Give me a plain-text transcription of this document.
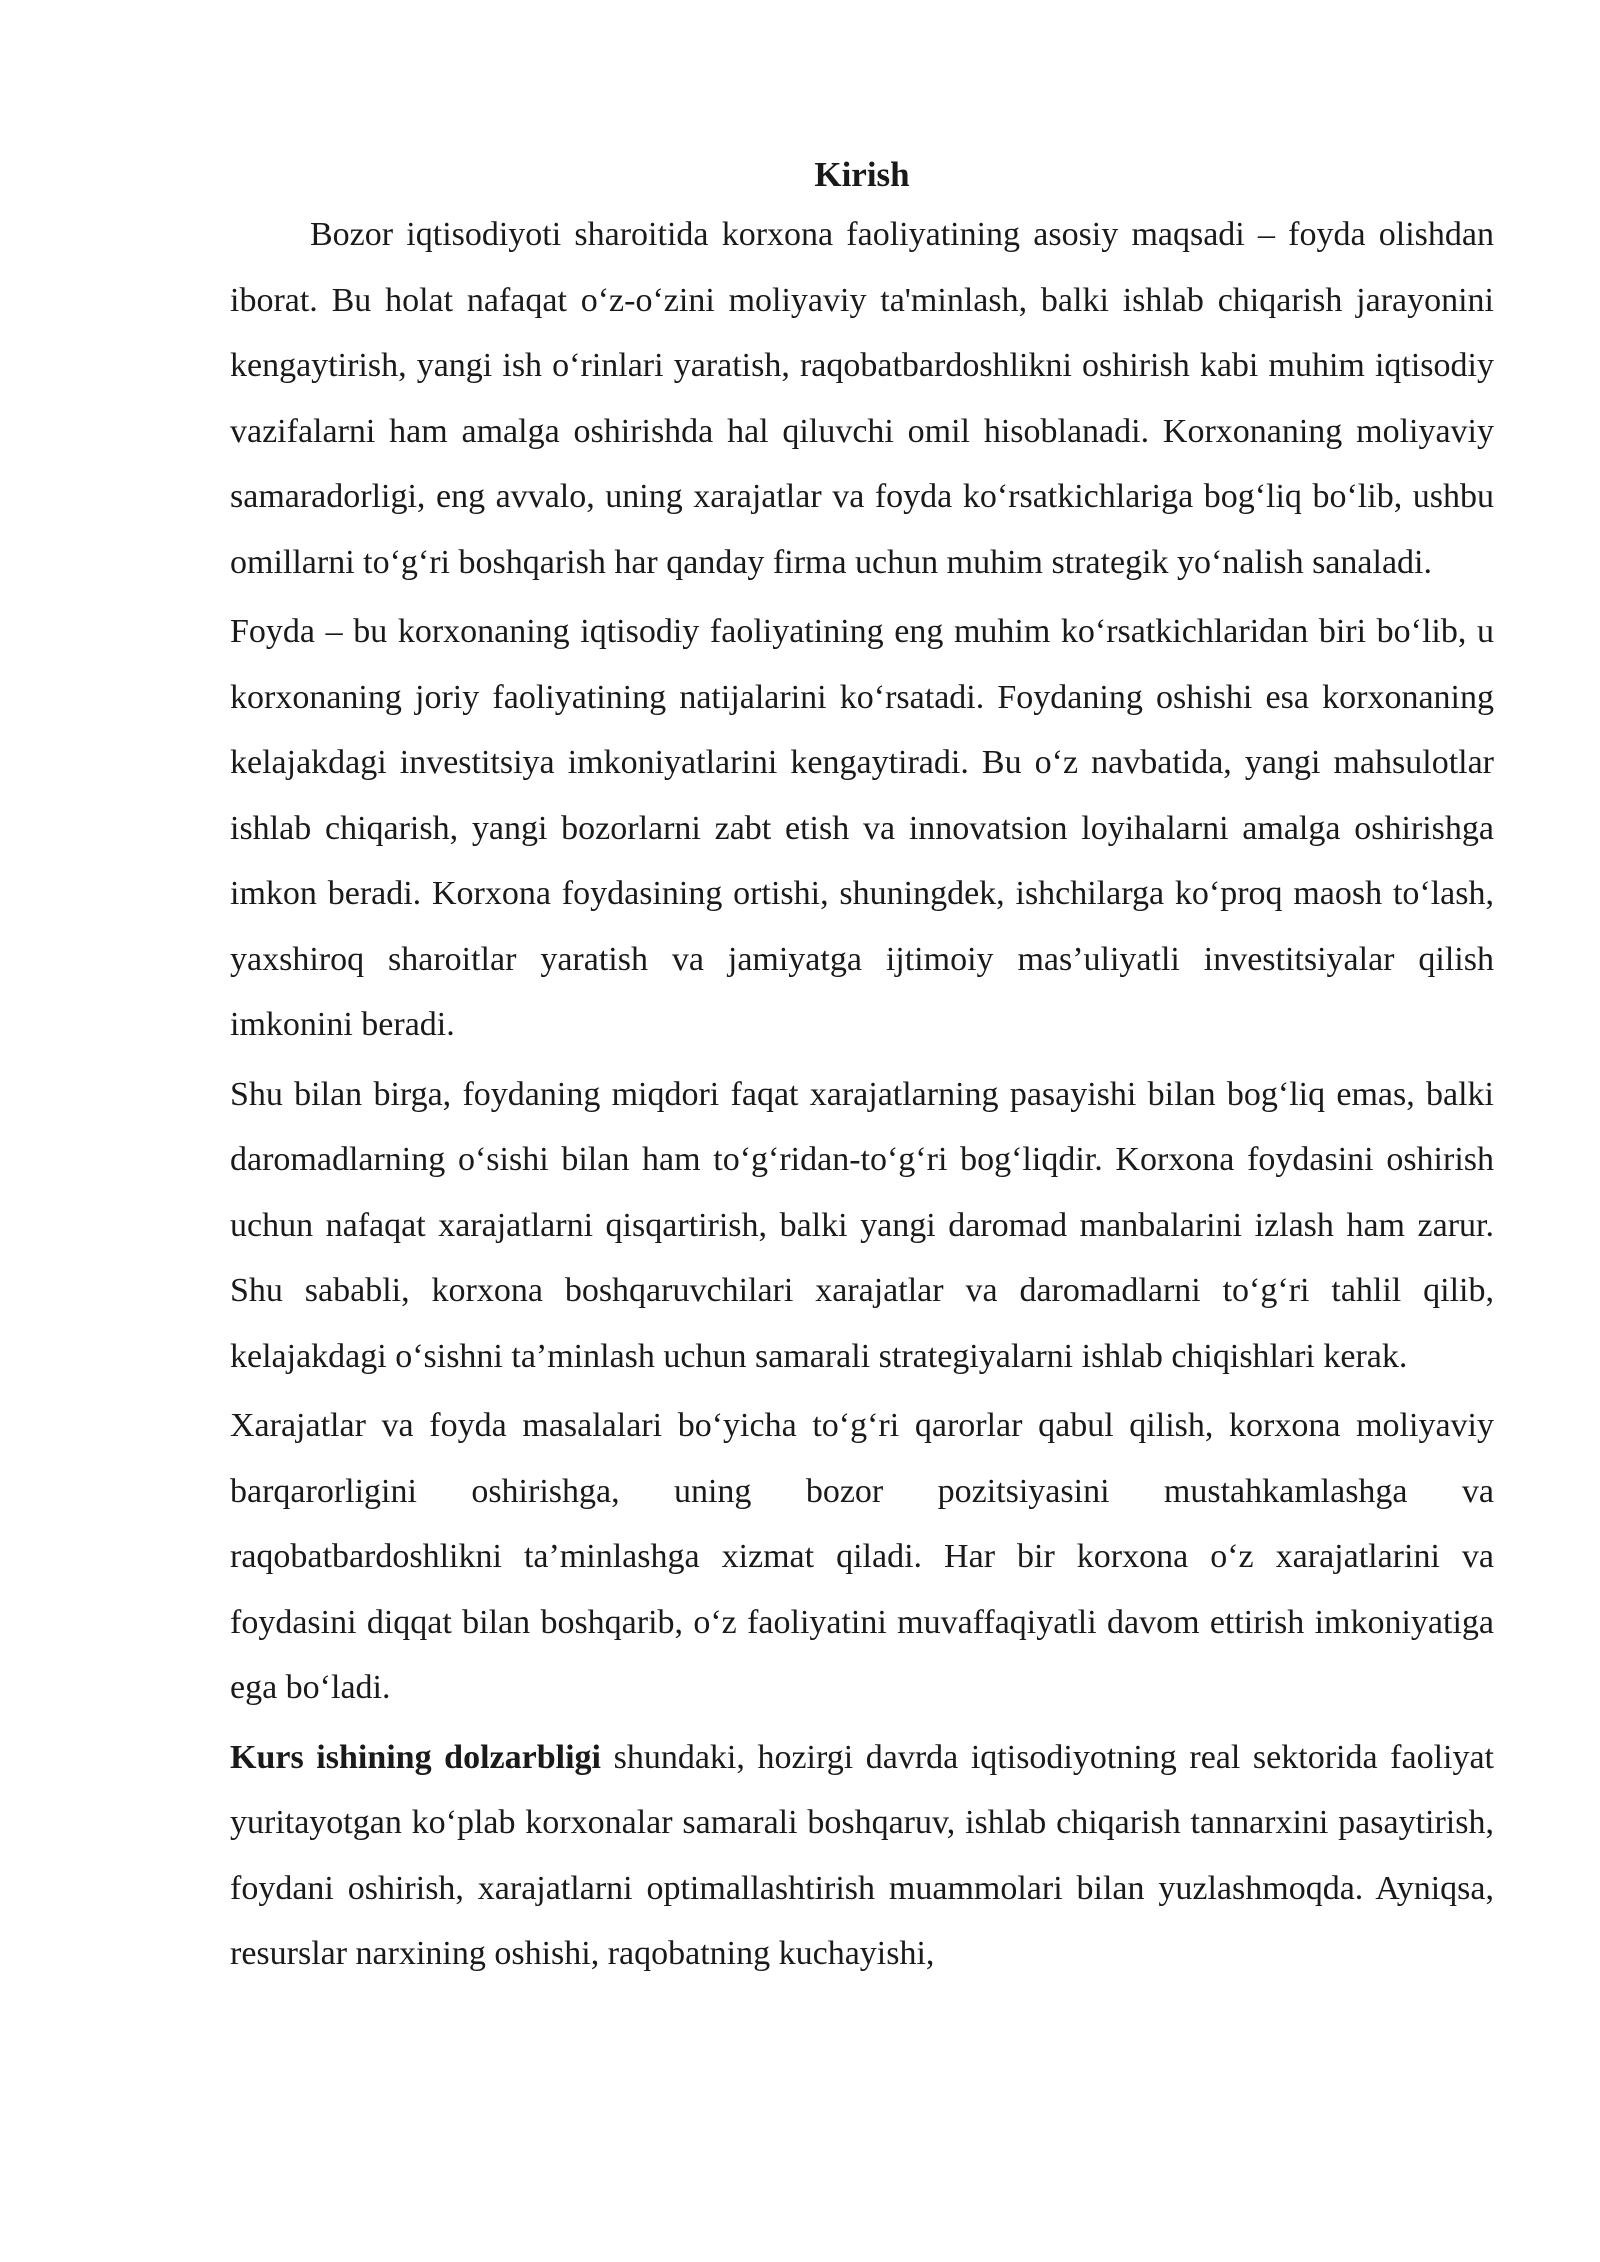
Kirish

Bozor iqtisodiyoti sharoitida korxona faoliyatining asosiy maqsadi – foyda olishdan iborat. Bu holat nafaqat o‘z-o‘zini moliyaviy ta'minlash, balki ishlab chiqarish jarayonini kengaytirish, yangi ish o‘rinlari yaratish, raqobatbardoshlikni oshirish kabi muhim iqtisodiy vazifalarni ham amalga oshirishda hal qiluvchi omil hisoblanadi. Korxonaning moliyaviy samaradorligi, eng avvalo, uning xarajatlar va foyda ko‘rsatkichlariga bog‘liq bo‘lib, ushbu omillarni to‘g‘ri boshqarish har qanday firma uchun muhim strategik yo‘nalish sanaladi.

Foyda – bu korxonaning iqtisodiy faoliyatining eng muhim ko‘rsatkichlaridan biri bo‘lib, u korxonaning joriy faoliyatining natijalarini ko‘rsatadi. Foydaning oshishi esa korxonaning kelajakdagi investitsiya imkoniyatlarini kengaytiradi. Bu o‘z navbatida, yangi mahsulotlar ishlab chiqarish, yangi bozorlarni zabt etish va innovatsion loyihalarni amalga oshirishga imkon beradi. Korxona foydasining ortishi, shuningdek, ishchilarga ko‘proq maosh to‘lash, yaxshiroq sharoitlar yaratish va jamiyatga ijtimoiy mas’uliyatli investitsiyalar qilish imkonini beradi.

Shu bilan birga, foydaning miqdori faqat xarajatlarning pasayishi bilan bog‘liq emas, balki daromadlarning o‘sishi bilan ham to‘g‘ridan-to‘g‘ri bog‘liqdir. Korxona foydasini oshirish uchun nafaqat xarajatlarni qisqartirish, balki yangi daromad manbalarini izlash ham zarur. Shu sababli, korxona boshqaruvchilari xarajatlar va daromadlarni to‘g‘ri tahlil qilib, kelajakdagi o‘sishni ta’minlash uchun samarali strategiyalarni ishlab chiqishlari kerak.

Xarajatlar va foyda masalalari bo‘yicha to‘g‘ri qarorlar qabul qilish, korxona moliyaviy barqarorligini oshirishga, uning bozor pozitsiyasini mustahkamlashga va raqobatbardoshlikni ta’minlashga xizmat qiladi. Har bir korxona o‘z xarajatlarini va foydasini diqqat bilan boshqarib, o‘z faoliyatini muvaffaqiyatli davom ettirish imkoniyatiga ega bo‘ladi.

Kurs ishining dolzarbligi shundaki, hozirgi davrda iqtisodiyotning real sektorida faoliyat yuritayotgan ko‘plab korxonalar samarali boshqaruv, ishlab chiqarish tannarxini pasaytirish, foydani oshirish, xarajatlarni optimallashtirish muammolari bilan yuzlashmoqda. Ayniqsa, resurslar narxining oshishi, raqobatning kuchayishi,
